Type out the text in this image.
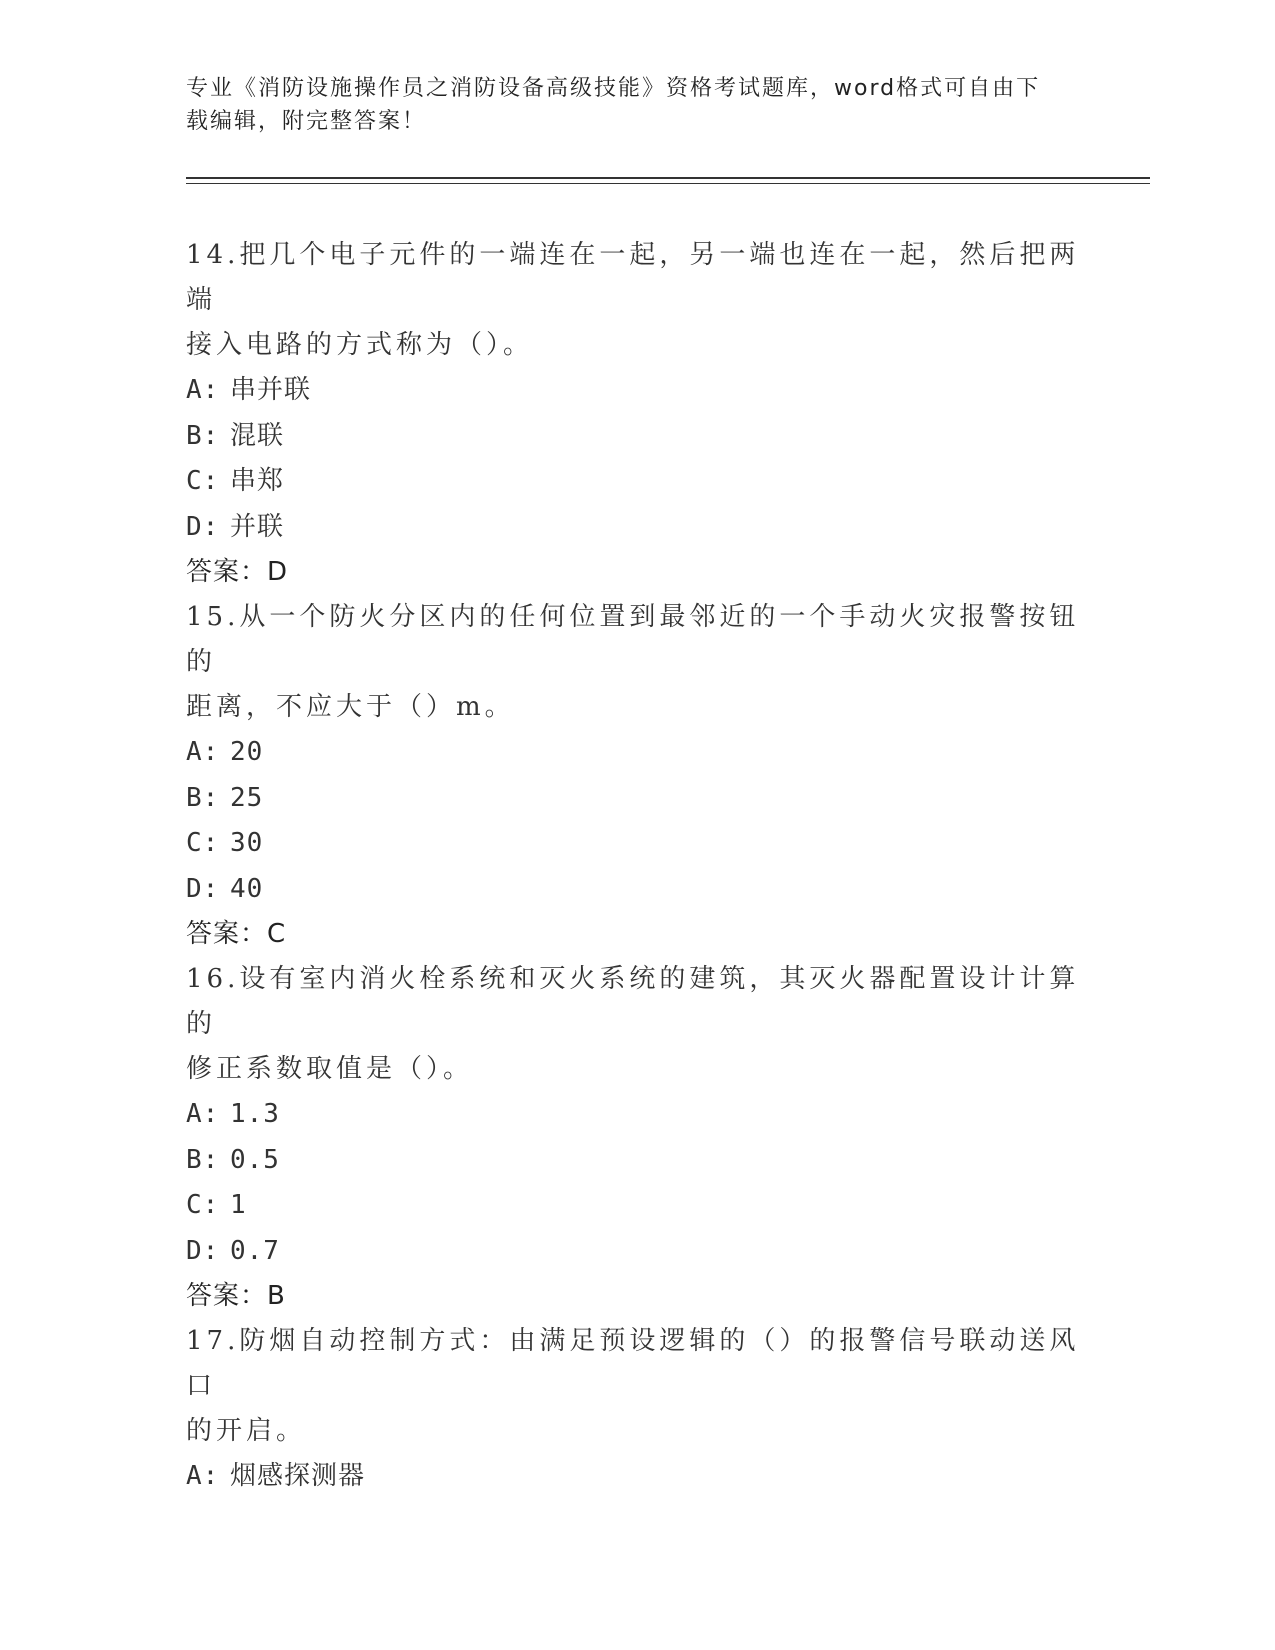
专业《消防设施操作员之消防设备高级技能》资格考试题库，word格式可自由下
载编辑，附完整答案！

14.把几个电子元件的一端连在一起，另一端也连在一起，然后把两端
接入电路的方式称为（）。

A: 串并联
B: 混联
C: 串郑
D: 并联
答案：D

15.从一个防火分区内的任何位置到最邻近的一个手动火灾报警按钮的
距离，不应大于（）m。

A: 20
B: 25
C: 30
D: 40
答案：C

16.设有室内消火栓系统和灭火系统的建筑，其灭火器配置设计计算的
修正系数取值是（）。

A: 1.3
B: 0.5
C: 1
D: 0.7
答案：B

17.防烟自动控制方式：由满足预设逻辑的（）的报警信号联动送风口
的开启。

A: 烟感探测器
